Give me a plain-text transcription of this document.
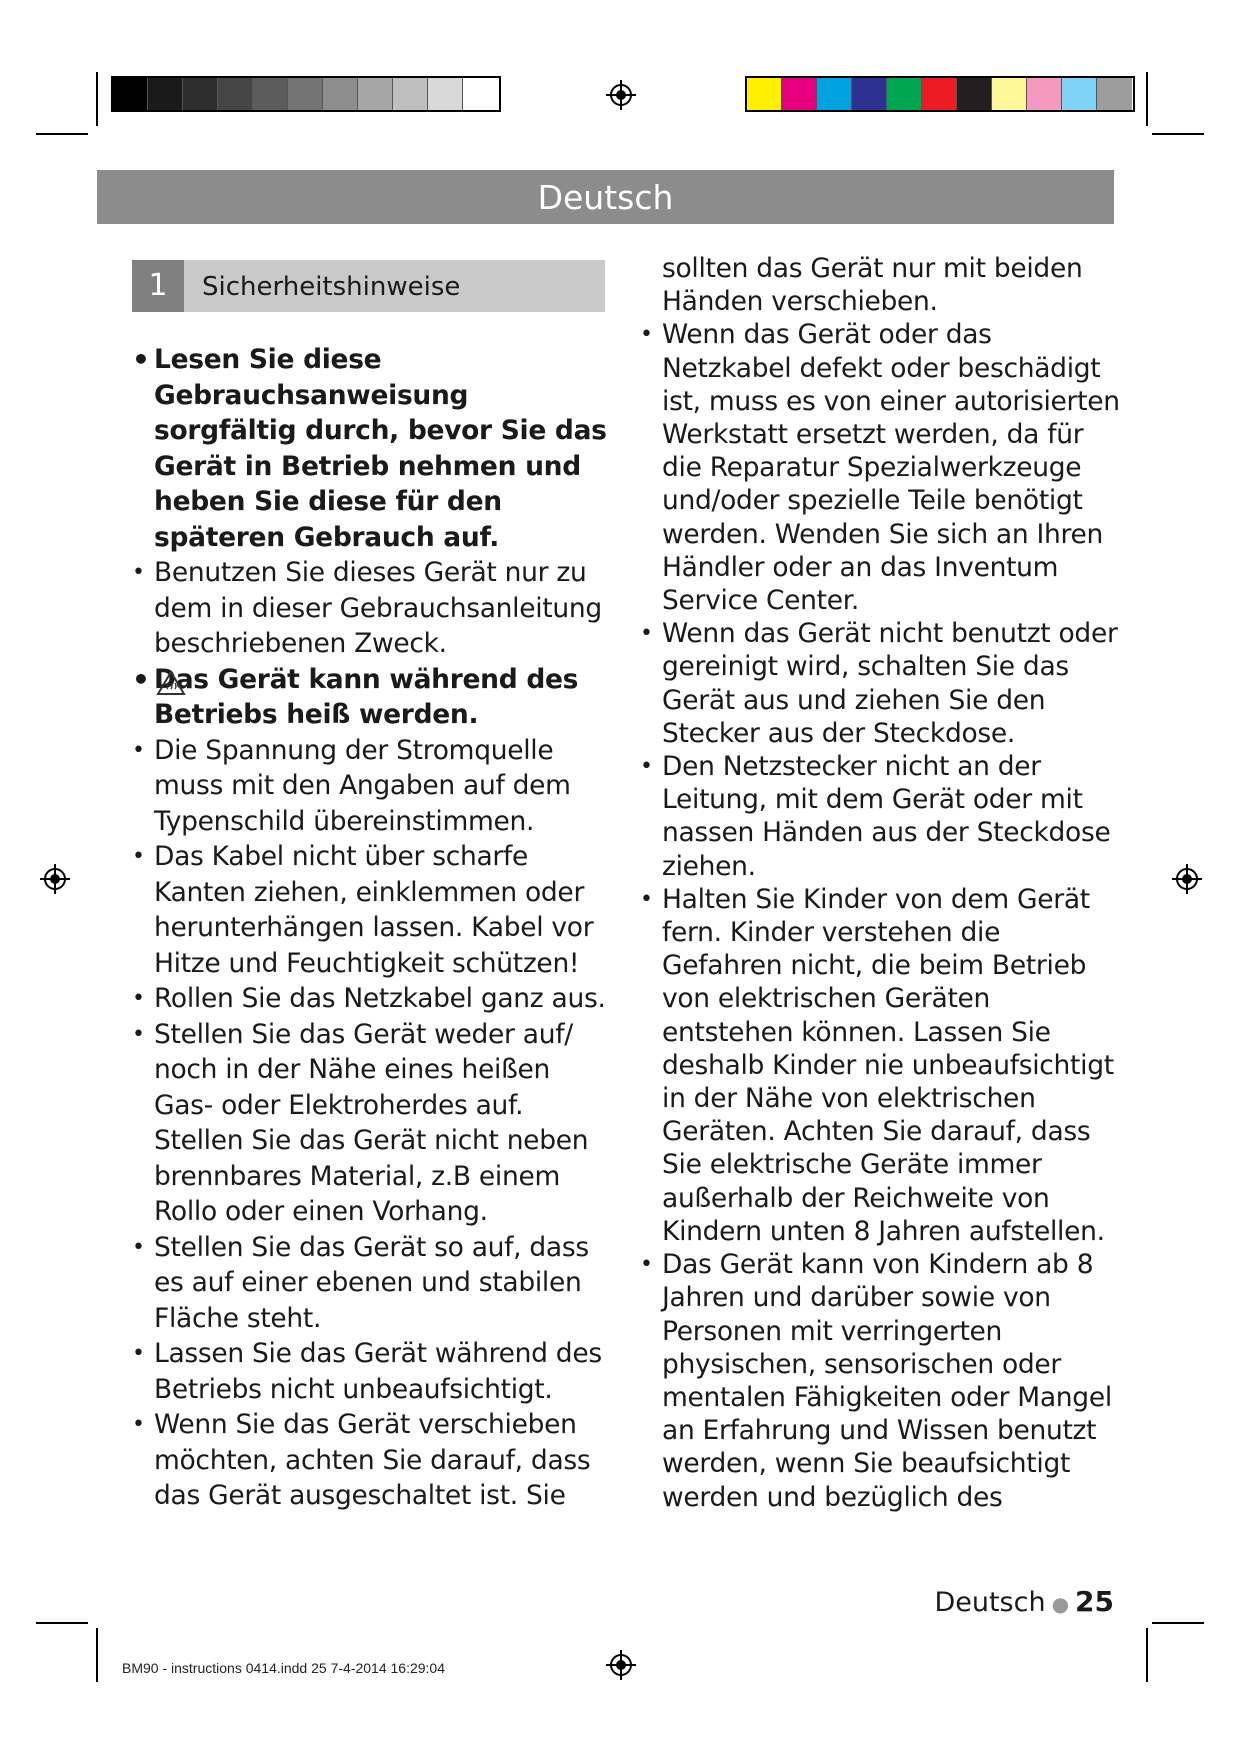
Deutsch
1	Sicherheitshinweise
• Lesen Sie diese Gebrauchsanweisung sorgfältig durch, bevor Sie das Gerät in Betrieb nehmen und heben Sie diese für den späteren Gebrauch auf.
• Benutzen Sie dieses Gerät nur zu dem in dieser Gebrauchsanleitung beschriebenen Zweck.
• Das Gerät kann während des Betriebs heiß werden.
• Die Spannung der Stromquelle muss mit den Angaben auf dem Typenschild übereinstimmen.
• Das Kabel nicht über scharfe Kanten ziehen, einklemmen oder herunterhängen lassen. Kabel vor Hitze und Feuchtigkeit schützen!
• Rollen Sie das Netzkabel ganz aus.
• Stellen Sie das Gerät weder auf/ noch in der Nähe eines heißen Gas- oder Elektroherdes auf. Stellen Sie das Gerät nicht neben brennbares Material, z.B einem Rollo oder einen Vorhang.
• Stellen Sie das Gerät so auf, dass es auf einer ebenen und stabilen Fläche steht.
• Lassen Sie das Gerät während des Betriebs nicht unbeaufsichtigt.
• Wenn Sie das Gerät verschieben möchten, achten Sie darauf, dass das Gerät ausgeschaltet ist. Sie
sollten das Gerät nur mit beiden Händen verschieben.
• Wenn das Gerät oder das Netzkabel defekt oder beschädigt ist, muss es von einer autorisierten Werkstatt ersetzt werden, da für die Reparatur Spezialwerkzeuge und/oder spezielle Teile benötigt werden. Wenden Sie sich an Ihren Händler oder an das Inventum Service Center.
• Wenn das Gerät nicht benutzt oder gereinigt wird, schalten Sie das Gerät aus und ziehen Sie den Stecker aus der Steckdose.
• Den Netzstecker nicht an der Leitung, mit dem Gerät oder mit nassen Händen aus der Steckdose ziehen.
• Halten Sie Kinder von dem Gerät fern. Kinder verstehen die Gefahren nicht, die beim Betrieb von elektrischen Geräten entstehen können. Lassen Sie deshalb Kinder nie unbeaufsichtigt in der Nähe von elektrischen Geräten. Achten Sie darauf, dass Sie elektrische Geräte immer außerhalb der Reichweite von Kindern unten 8 Jahren aufstellen.
• Das Gerät kann von Kindern ab 8 Jahren und darüber sowie von Personen mit verringerten physischen, sensorischen oder mentalen Fähigkeiten oder Mangel an Erfahrung und Wissen benutzt werden, wenn Sie beaufsichtigt werden und bezüglich des
Deutsch ● 25
BM90 - instructions 0414.indd 25 7-4-2014 16:29:04
